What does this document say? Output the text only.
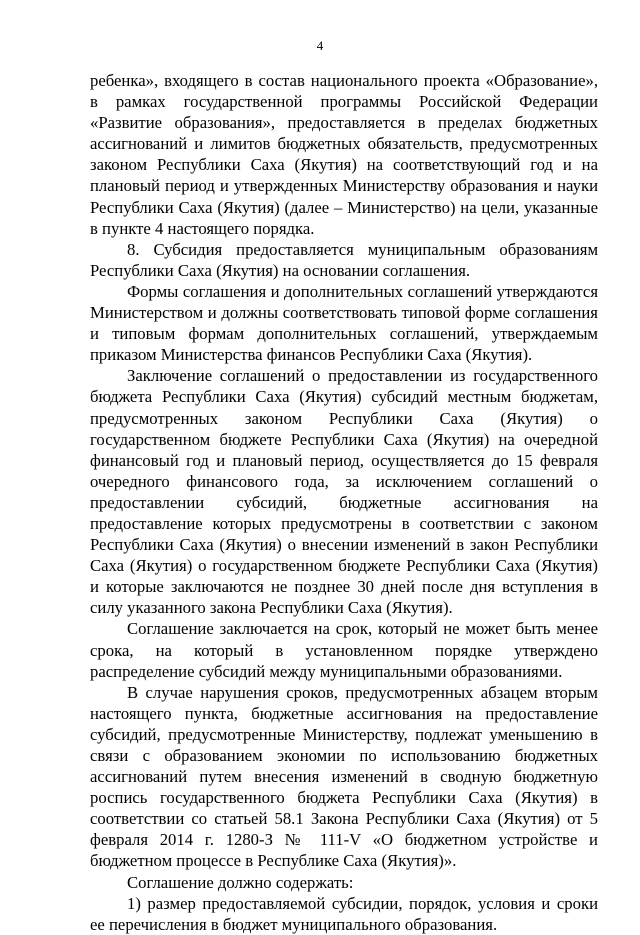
4

ребенка», входящего в состав национального проекта «Образование», в рамках государственной программы Российской Федерации «Развитие образования», предоставляется в пределах бюджетных ассигнований и лимитов бюджетных обязательств, предусмотренных законом Республики Саха (Якутия) на соответствующий год и на плановый период и утвержденных Министерству образования и науки Республики Саха (Якутия) (далее – Министерство) на цели, указанные в пункте 4 настоящего порядка.

8. Субсидия предоставляется муниципальным образованиям Республики Саха (Якутия) на основании соглашения.

Формы соглашения и дополнительных соглашений утверждаются Министерством и должны соответствовать типовой форме соглашения и типовым формам дополнительных соглашений, утверждаемым приказом Министерства финансов Республики Саха (Якутия).

Заключение соглашений о предоставлении из государственного бюджета Республики Саха (Якутия) субсидий местным бюджетам, предусмотренных законом Республики Саха (Якутия) о государственном бюджете Республики Саха (Якутия) на очередной финансовый год и плановый период, осуществляется до 15 февраля очередного финансового года, за исключением соглашений о предоставлении субсидий, бюджетные ассигнования на предоставление которых предусмотрены в соответствии с законом Республики Саха (Якутия) о внесении изменений в закон Республики Саха (Якутия) о государственном бюджете Республики Саха (Якутия) и которые заключаются не позднее 30 дней после дня вступления в силу указанного закона Республики Саха (Якутия).

Соглашение заключается на срок, который не может быть менее срока, на который в установленном порядке утверждено распределение субсидий между муниципальными образованиями.

В случае нарушения сроков, предусмотренных абзацем вторым настоящего пункта, бюджетные ассигнования на предоставление субсидий, предусмотренные Министерству, подлежат уменьшению в связи с образованием экономии по использованию бюджетных ассигнований путем внесения изменений в сводную бюджетную роспись государственного бюджета Республики Саха (Якутия) в соответствии со статьей 58.1 Закона Республики Саха (Якутия) от 5 февраля 2014 г. 1280-З № 111-V «О бюджетном устройстве и бюджетном процессе в Республике Саха (Якутия)».

Соглашение должно содержать:

1) размер предоставляемой субсидии, порядок, условия и сроки ее перечисления в бюджет муниципального образования.
